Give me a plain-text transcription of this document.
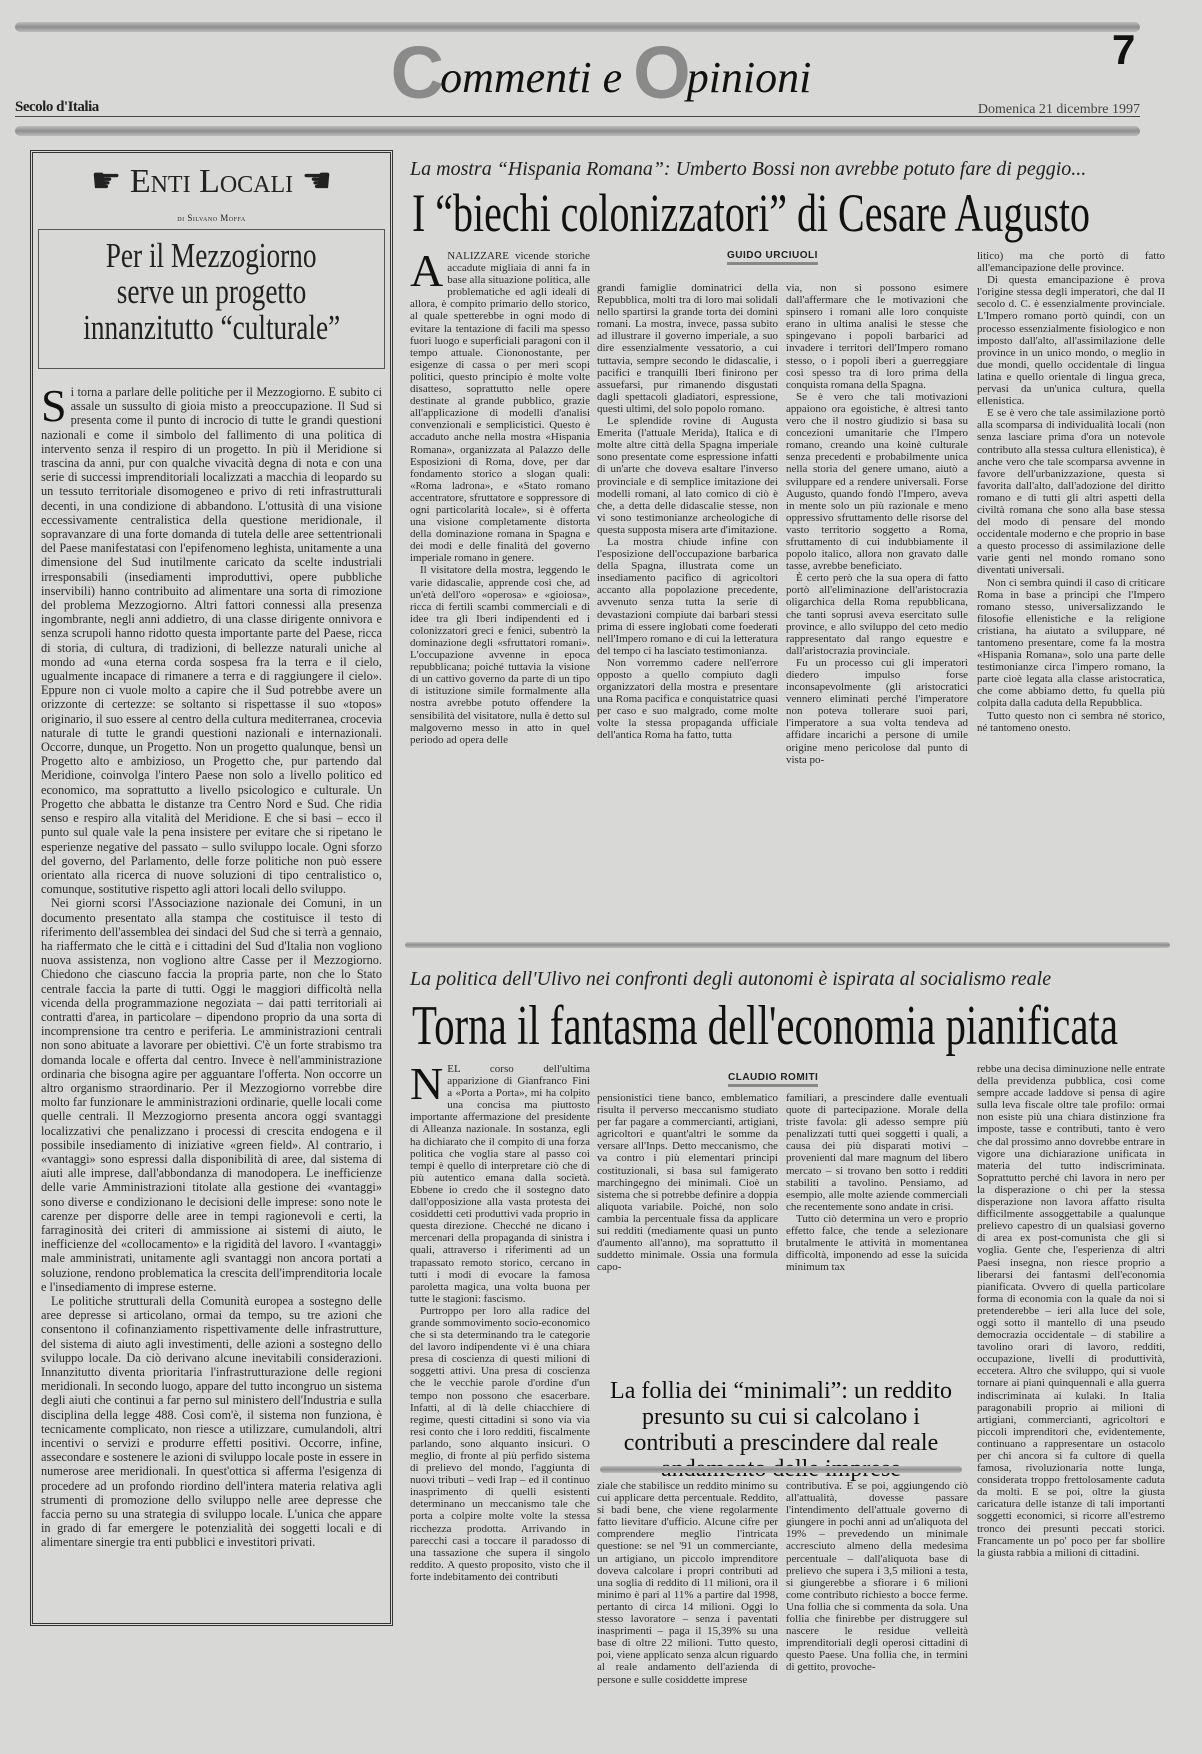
Commenti e Opinioni
7
Secolo d'Italia	Domenica 21 dicembre 1997
☛ Enti Locali ☚
di Silvano Moffa
Per il Mezzogiorno
serve un progetto
innanzitutto “culturale”

Si torna a parlare delle politiche per il Mezzogiorno. E subito ci assale un sussulto di gioia misto a preoccupazione. Il Sud si presenta come il punto di incrocio di tutte le grandi questioni nazionali e come il simbolo del fallimento di una politica di intervento senza il respiro di un progetto. In più il Meridione si trascina da anni, pur con qualche vivacità degna di nota e con una serie di successi imprenditoriali localizzati a macchia di leopardo su un tessuto territoriale disomogeneo e privo di reti infrastrutturali decenti, in una condizione di abbandono. L'ottusità di una visione eccessivamente centralistica della questione meridionale, il sopravanzare di una forte domanda di tutela delle aree settentrionali del Paese manifestatasi con l'epifenomeno leghista, unitamente a una dimensione del Sud inutilmente caricato da scelte industriali irresponsabili (insediamenti improduttivi, opere pubbliche inservibili) hanno contribuito ad alimentare una sorta di rimozione del problema Mezzogiorno. Altri fattori connessi alla presenza ingombrante, negli anni addietro, di una classe dirigente onnivora e senza scrupoli hanno ridotto questa importante parte del Paese, ricca di storia, di cultura, di tradizioni, di bellezze naturali uniche al mondo ad «una eterna corda sospesa fra la terra e il cielo, ugualmente incapace di rimanere a terra e di raggiungere il cielo». Eppure non ci vuole molto a capire che il Sud potrebbe avere un orizzonte di certezze: se soltanto si rispettasse il suo «topos» originario, il suo essere al centro della cultura mediterranea, crocevia naturale di tutte le grandi questioni nazionali e internazionali. Occorre, dunque, un Progetto. Non un progetto qualunque, bensì un Progetto alto e ambizioso, un Progetto che, pur partendo dal Meridione, coinvolga l'intero Paese non solo a livello politico ed economico, ma soprattutto a livello psicologico e culturale. Un Progetto che abbatta le distanze tra Centro Nord e Sud. Che ridia senso e respiro alla vitalità del Meridione. E che si basi – ecco il punto sul quale vale la pena insistere per evitare che si ripetano le esperienze negative del passato – sullo sviluppo locale. Ogni sforzo del governo, del Parlamento, delle forze politiche non può essere orientato alla ricerca di nuove soluzioni di tipo centralistico o, comunque, sostitutive rispetto agli attori locali dello sviluppo.

Nei giorni scorsi l'Associazione nazionale dei Comuni, in un documento presentato alla stampa che costituisce il testo di riferimento dell'assemblea dei sindaci del Sud che si terrà a gennaio, ha riaffermato che le città e i cittadini del Sud d'Italia non vogliono nuova assistenza, non vogliono altre Casse per il Mezzogiorno. Chiedono che ciascuno faccia la propria parte, non che lo Stato centrale faccia la parte di tutti. Oggi le maggiori difficoltà nella vicenda della programmazione negoziata – dai patti territoriali ai contratti d'area, in particolare – dipendono proprio da una sorta di incomprensione tra centro e periferia. Le amministrazioni centrali non sono abituate a lavorare per obiettivi. C'è un forte strabismo tra domanda locale e offerta dal centro. Invece è nell'amministrazione ordinaria che bisogna agire per agguantare l'offerta. Non occorre un altro organismo straordinario. Per il Mezzogiorno vorrebbe dire molto far funzionare le amministrazioni ordinarie, quelle locali come quelle centrali. Il Mezzogiorno presenta ancora oggi svantaggi localizzativi che penalizzano i processi di crescita endogena e il possibile insediamento di iniziative «green field». Al contrario, i «vantaggi» sono espressi dalla disponibilità di aree, dal sistema di aiuti alle imprese, dall'abbondanza di manodopera. Le inefficienze delle varie Amministrazioni titolate alla gestione dei «vantaggi» sono diverse e condizionano le decisioni delle imprese: sono note le carenze per disporre delle aree in tempi ragionevoli e certi, la farraginosità dei criteri di ammissione ai sistemi di aiuto, le inefficienze del «collocamento» e la rigidità del lavoro. I «vantaggi» male amministrati, unitamente agli svantaggi non ancora portati a soluzione, rendono problematica la crescita dell'imprenditoria locale e l'insediamento di imprese esterne.

Le politiche strutturali della Comunità europea a sostegno delle aree depresse si articolano, ormai da tempo, su tre azioni che consentono il cofinanziamento rispettivamente delle infrastrutture, del sistema di aiuto agli investimenti, delle azioni a sostegno dello sviluppo locale. Da ciò derivano alcune inevitabili considerazioni. Innanzitutto diventa prioritaria l'infrastrutturazione delle regioni meridionali. In secondo luogo, appare del tutto incongruo un sistema degli aiuti che continui a far perno sul ministero dell'Industria e sulla disciplina della legge 488. Così com'è, il sistema non funziona, è tecnicamente complicato, non riesce a utilizzare, cumulandoli, altri incentivi o servizi e produrre effetti positivi. Occorre, infine, assecondare e sostenere le azioni di sviluppo locale poste in essere in numerose aree meridionali. In quest'ottica si afferma l'esigenza di procedere ad un profondo riordino dell'intera materia relativa agli strumenti di promozione dello sviluppo nelle aree depresse che faccia perno su una strategia di sviluppo locale. L'unica che appare in grado di far emergere le potenzialità dei soggetti locali e di alimentare sinergie tra enti pubblici e investitori privati.

La mostra “Hispania Romana”: Umberto Bossi non avrebbe potuto fare di peggio...
I “biechi colonizzatori” di Cesare Augusto
GUIDO URCIUOLI

ANALIZZARE vicende storiche accadute migliaia di anni fa in base alla situazione politica, alle problematiche ed agli ideali di allora, è compito primario dello storico, al quale spetterebbe in ogni modo di evitare la tentazione di facili ma spesso fuori luogo e superficiali paragoni con il tempo attuale. Ciononostante, per esigenze di cassa o per meri scopi politici, questo principio è molte volte disatteso, soprattutto nelle opere destinate al grande pubblico, grazie all'applicazione di modelli d'analisi convenzionali e semplicistici. Questo è accaduto anche nella mostra «Hispania Romana», organizzata al Palazzo delle Esposizioni di Roma, dove, per dar fondamento storico a slogan quali: «Roma ladrona», e «Stato romano accentratore, sfruttatore e soppressore di ogni particolarità locale», si è offerta una visione completamente distorta della dominazione romana in Spagna e dei modi e delle finalità del governo imperiale romano in genere.

Il visitatore della mostra, leggendo le varie didascalie, apprende così che, ad un'età dell'oro «operosa» e «gioiosa», ricca di fertili scambi commerciali e di idee tra gli Iberi indipendenti ed i colonizzatori greci e fenici, subentrò la dominazione degli «sfruttatori romani». L'occupazione avvenne in epoca repubblicana; poiché tuttavia la visione di un cattivo governo da parte di un tipo di istituzione simile formalmente alla nostra avrebbe potuto offendere la sensibilità del visitatore, nulla è detto sul malgoverno messo in atto in quel periodo ad opera delle

grandi famiglie dominatrici della Repubblica, molti tra di loro mai solidali nello spartirsi la grande torta dei domini romani. La mostra, invece, passa subito ad illustrare il governo imperiale, a suo dire essenzialmente vessatorio, a cui tuttavia, sempre secondo le didascalie, i pacifici e tranquilli Iberi finirono per assuefarsi, pur rimanendo disgustati dagli spettacoli gladiatori, espressione, questi ultimi, del solo popolo romano.

Le splendide rovine di Augusta Emerita (l'attuale Merida), Italica e di molte altre città della Spagna imperiale sono presentate come espressione infatti di un'arte che doveva esaltare l'inverso provinciale e di semplice imitazione dei modelli romani, al lato comico di ciò è che, a detta delle didascalie stesse, non vi sono testimonianze archeologiche di questa supposta misera arte d'imitazione.

La mostra chiude infine con l'esposizione dell'occupazione barbarica della Spagna, illustrata come un insediamento pacifico di agricoltori accanto alla popolazione precedente, avvenuto senza tutta la serie di devastazioni compiute dai barbari stessi prima di essere inglobati come foederati nell'Impero romano e di cui la letteratura del tempo ci ha lasciato testimonianza.

Non vorremmo cadere nell'errore opposto a quello compiuto dagli organizzatori della mostra e presentare una Roma pacifica e conquistatrice quasi per caso e suo malgrado, come molte volte la stessa propaganda ufficiale dell'antica Roma ha fatto, tutta

via, non si possono esimere dall'affermare che le motivazioni che spinsero i romani alle loro conquiste erano in ultima analisi le stesse che spingevano i popoli barbarici ad invadere i territori dell'Impero romano stesso, o i popoli iberi a guerreggiare così spesso tra di loro prima della conquista romana della Spagna.

Se è vero che tali motivazioni appaiono ora egoistiche, è altresì tanto vero che il nostro giudizio si basa su concezioni umanitarie che l'Impero romano, creando una koinè culturale senza precedenti e probabilmente unica nella storia del genere umano, aiutò a sviluppare ed a rendere universali. Forse Augusto, quando fondò l'Impero, aveva in mente solo un più razionale e meno oppressivo sfruttamento delle risorse del vasto territorio soggetto a Roma, sfruttamento di cui indubbiamente il popolo italico, allora non gravato dalle tasse, avrebbe beneficiato.

È certo però che la sua opera di fatto portò all'eliminazione dell'aristocrazia oligarchica della Roma repubblicana, che tanti soprusi aveva esercitato sulle province, e allo sviluppo del ceto medio rappresentato dal rango equestre e dall'aristocrazia provinciale.

Fu un processo cui gli imperatori diedero impulso forse inconsapevolmente (gli aristocratici vennero eliminati perché l'imperatore non poteva tollerare suoi pari, l'imperatore a sua volta tendeva ad affidare incarichi a persone di umile origine meno pericolose dal punto di vista po-

litico) ma che portò di fatto all'emancipazione delle province.

Di questa emancipazione è prova l'origine stessa degli imperatori, che dal II secolo d. C. è essenzialmente provinciale. L'Impero romano portò quindi, con un processo essenzialmente fisiologico e non imposto dall'alto, all'assimilazione delle province in un unico mondo, o meglio in due mondi, quello occidentale di lingua latina e quello orientale di lingua greca, pervasi da un'unica cultura, quella ellenistica.

E se è vero che tale assimilazione portò alla scomparsa di individualità locali (non senza lasciare prima d'ora un notevole contributo alla stessa cultura ellenistica), è anche vero che tale scomparsa avvenne in favore dell'urbanizzazione, questa sì favorita dall'alto, dall'adozione del diritto romano e di tutti gli altri aspetti della civiltà romana che sono alla base stessa del modo di pensare del mondo occidentale moderno e che proprio in base a questo processo di assimilazione delle varie genti nel mondo romano sono diventati universali.

Non ci sembra quindi il caso di criticare Roma in base a principi che l'Impero romano stesso, universalizzando le filosofie ellenistiche e la religione cristiana, ha aiutato a sviluppare, né tantomeno presentare, come fa la mostra «Hispania Romana», solo una parte delle testimonianze circa l'impero romano, la parte cioè legata alla classe aristocratica, che come abbiamo detto, fu quella più colpita dalla caduta della Repubblica.

Tutto questo non ci sembra né storico, né tantomeno onesto.

La politica dell'Ulivo nei confronti degli autonomi è ispirata al socialismo reale
Torna il fantasma dell'economia pianificata
CLAUDIO ROMITI

NEL corso dell'ultima apparizione di Gianfranco Fini a «Porta a Porta», mi ha colpito una concisa ma piuttosto importante affermazione del presidente di Alleanza nazionale. In sostanza, egli ha dichiarato che il compito di una forza politica che voglia stare al passo coi tempi è quello di interpretare ciò che di più autentico emana dalla società. Ebbene io credo che il sostegno dato dall'opposizione alla vasta protesta dei cosiddetti ceti produttivi vada proprio in questa direzione. Checché ne dicano i mercenari della propaganda di sinistra i quali, attraverso i riferimenti ad un trapassato remoto storico, cercano in tutti i modi di evocare la famosa paroletta magica, una volta buona per tutte le stagioni: fascismo.

Purtroppo per loro alla radice del grande sommovimento socio-economico che si sta determinando tra le categorie del lavoro indipendente vi è una chiara presa di coscienza di questi milioni di soggetti attivi. Una presa di coscienza che le vecchie parole d'ordine d'un tempo non possono che esacerbare. Infatti, al di là delle chiacchiere di regime, questi cittadini si sono via via resi conto che i loro redditi, fiscalmente parlando, sono alquanto insicuri. O meglio, di fronte al più perfido sistema di prelievo del mondo, l'aggiunta di nuovi tributi – vedi Irap – ed il continuo inasprimento di quelli esistenti determinano un meccanismo tale che porta a colpire molte volte la stessa ricchezza prodotta. Arrivando in parecchi casi a toccare il paradosso di una tassazione che supera il singolo reddito. A questo proposito, visto che il forte indebitamento dei contributi

pensionistici tiene banco, emblematico risulta il perverso meccanismo studiato per far pagare a commercianti, artigiani, agricoltori e quant'altri le somme da versare all'Inps. Detto meccanismo, che va contro i più elementari principi costituzionali, si basa sul famigerato marchingegno dei minimali. Cioè un sistema che si potrebbe definire a doppia aliquota variabile. Poiché, non solo cambia la percentuale fissa da applicare sui redditi (mediamente quasi un punto d'aumento all'anno), ma soprattutto il suddetto minimale. Ossia una formula capo-

familiari, a prescindere dalle eventuali quote di partecipazione. Morale della triste favola: gli adesso sempre più penalizzati tutti quei soggetti i quali, a causa dei più disparati motivi – provenienti dal mare magnum del libero mercato – si trovano ben sotto i redditi stabiliti a tavolino. Pensiamo, ad esempio, alle molte aziende commerciali che recentemente sono andate in crisi.

Tutto ciò determina un vero e proprio effetto falce, che tende a selezionare brutalmente le attività in momentanea difficoltà, imponendo ad esse la suicida minimum tax

La follia dei “minimali”: un reddito presunto su cui si calcolano i contributi a prescindere dal reale

ziale che stabilisce un reddito minimo su cui applicare detta percentuale. Reddito, si badi bene, che viene regolarmente fatto lievitare d'ufficio. Alcune cifre per comprendere meglio l'intricata questione: se nel '91 un commerciante, un artigiano, un piccolo imprenditore doveva calcolare i propri contributi ad una soglia di reddito di 11 milioni, ora il minimo è pari al 11% a partire dal 1998, pertanto di circa 14 milioni. Oggi lo stesso lavoratore – senza i paventati inasprimenti – paga il 15,39% su una base di oltre 22 milioni. Tutto questo, poi, viene applicato senza alcun riguardo al reale andamento dell'azienda di persone e sulle cosiddette imprese

contributiva. E se poi, aggiungendo ciò all'attualità, dovesse passare l'intendimento dell'attuale governo di giungere in pochi anni ad un'aliquota del 19% – prevedendo un minimale accresciuto almeno della medesima percentuale – dall'aliquota base di prelievo che supera i 3,5 milioni a testa, si giungerebbe a sfiorare i 6 milioni come contributo richiesto a bocce ferme. Una follia che si commenta da sola. Una follia che finirebbe per distruggere sul nascere le residue velleità imprenditoriali degli operosi cittadini di questo Paese. Una follia che, in termini di gettito, provoche-

rebbe una decisa diminuzione nelle entrate della previdenza pubblica, così come sempre accade laddove si pensa di agire sulla leva fiscale oltre tale profilo: ormai non esiste più una chiara distinzione fra imposte, tasse e contributi, tanto è vero che dal prossimo anno dovrebbe entrare in vigore una dichiarazione unificata in materia del tutto indiscriminata. Soprattutto perché chi lavora in nero per la disperazione o chi per la stessa disperazione non lavora affatto risulta difficilmente assoggettabile a qualunque prelievo capestro di un qualsiasi governo di area ex post-comunista che gli si voglia. Gente che, l'esperienza di altri Paesi insegna, non riesce proprio a liberarsi dei fantasmi dell'economia pianificata. Ovvero di quella particolare forma di economia con la quale da noi si pretenderebbe – ieri alla luce del sole, oggi sotto il mantello di una pseudo democrazia occidentale – di stabilire a tavolino orari di lavoro, redditi, occupazione, livelli di produttività, eccetera. Altro che sviluppo, qui si vuole tornare ai piani quinquennali e alla guerra indiscriminata ai kulaki. In Italia paragonabili proprio ai milioni di artigiani, commercianti, agricoltori e piccoli imprenditori che, evidentemente, continuano a rappresentare un ostacolo per chi ancora si fa cultore di quella famosa, rivoluzionaria notte lunga, considerata troppo frettolosamente caduta da molti. E se poi, oltre la giusta caricatura delle istanze di tali importanti soggetti economici, si ricorre all'estremo tronco dei presunti peccati storici. Francamente un po' poco per far sbollire la giusta rabbia a milioni di cittadini.
